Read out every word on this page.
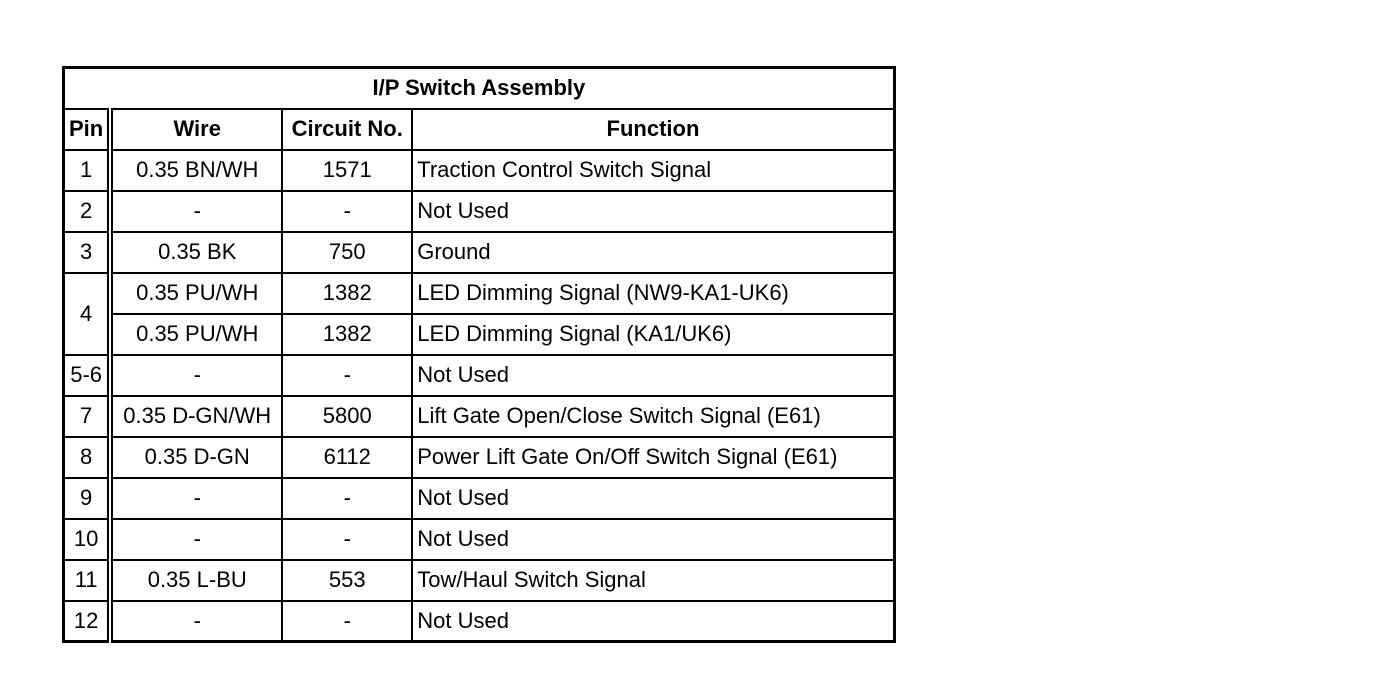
I/P Switch Assembly			
Pin	Wire	Circuit No.	Function
1	0.35 BN/WH	1571	Traction Control Switch Signal
2	-	-	Not Used
3	0.35 BK	750	Ground
4	0.35 PU/WH	1382	LED Dimming Signal (NW9-KA1-UK6)
	0.35 PU/WH	1382	LED Dimming Signal (KA1/UK6)
5-6	-	-	Not Used
7	0.35 D-GN/WH	5800	Lift Gate Open/Close Switch Signal (E61)
8	0.35 D-GN	6112	Power Lift Gate On/Off Switch Signal (E61)
9	-	-	Not Used
10	-	-	Not Used
11	0.35 L-BU	553	Tow/Haul Switch Signal
12	-	-	Not Used
